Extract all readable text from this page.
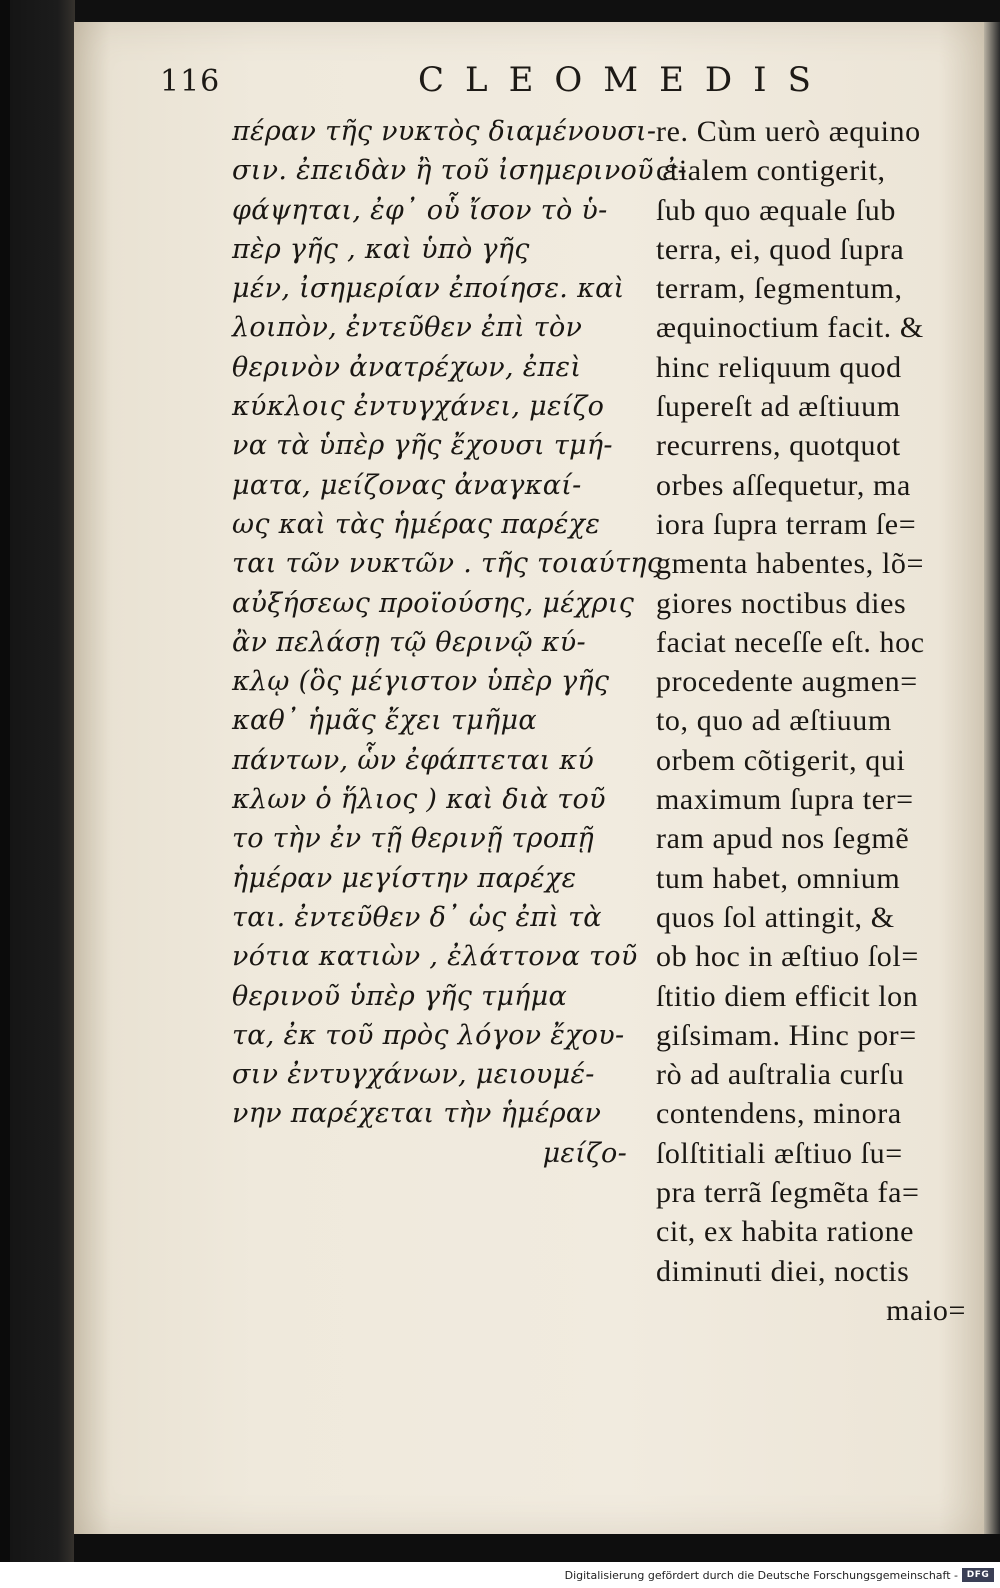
116	CLEOMEDIS
πέραν τῆς νυκτὸς διαμένουσι-
σιν. ἐπειδὰν ἢ τοῦ ἰσημερινοῦ ἐ-
φάψηται, ἐφ᾽ οὗ ἴσον τὸ ὑ-
πὲρ γῆς , καὶ ὑπὸ γῆς
μέν, ἰσημερίαν ἐποίησε. καὶ
λοιπὸν, ἐντεῦθεν ἐπὶ τὸν
θερινὸν ἀνατρέχων, ἐπεὶ
κύκλοις ἐντυγχάνει, μείζο
να τὰ ὑπὲρ γῆς ἔχουσι τμή-
ματα, μείζονας ἀναγκαί-
ως καὶ τὰς ἡμέρας παρέχε
ται τῶν νυκτῶν . τῆς τοιαύτης
αὐξήσεως προϊούσης, μέχρις
ἂν πελάσῃ τῷ θερινῷ κύ-
κλῳ (ὃς μέγιστον ὑπὲρ γῆς
καθ᾽ ἡμᾶς ἔχει τμῆμα
πάντων, ὧν ἐφάπτεται κύ
κλων ὁ ἥλιος ) καὶ διὰ τοῦ
το τὴν ἐν τῇ θερινῇ τροπῇ
ἡμέραν μεγίστην παρέχε
ται. ἐντεῦθεν δ᾽ ὡς ἐπὶ τὰ
νότια κατιὼν , ἐλάττονα τοῦ
θερινοῦ ὑπὲρ γῆς τμήμα
τα, ἐκ τοῦ πρὸς λόγον ἔχου-
σιν ἐντυγχάνων, μειουμέ-
νην παρέχεται τὴν ἡμέραν
μείζο-
re. Cùm uerò æquino
ctialem contigerit,
ſub quo æquale ſub
terra, ei, quod ſupra
terram, ſegmentum,
æquinoctium facit. &
hinc reliquum quod
ſupereſt ad æſtiuum
recurrens, quotquot
orbes aſſequetur, ma
iora ſupra terram ſe=
gmenta habentes, lõ=
giores noctibus dies
faciat neceſſe eſt. hoc
procedente augmen=
to, quo ad æſtiuum
orbem cõtigerit, qui
maximum ſupra ter=
ram apud nos ſegmẽ
tum habet, omnium
quos ſol attingit, &
ob hoc in æſtiuo ſol=
ſtitio diem efficit lon
giſsimam. Hinc por=
rò ad auſtralia curſu
contendens, minora
ſolſtitiali æſtiuo ſu=
pra terrã ſegmẽta fa=
cit, ex habita ratione
diminuti diei, noctis
maio=
Digitalisierung gefördert durch die Deutsche Forschungsgemeinschaft - DFG
